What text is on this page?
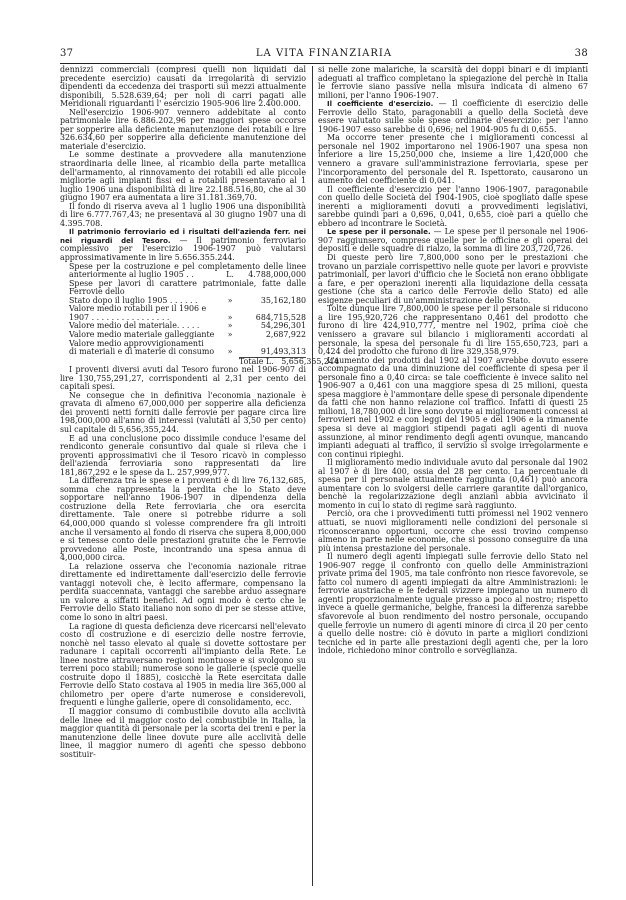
37	LA VITA FINANZIARIA	38

dennizzi commerciali (compresi quelli non liquidati dal precedente esercizio) causati da irregolarità di servizio dipendenti da eccedenza dei trasporti sui mezzi attualmente disponibili, 5.528.639,64; per noli di carri pagati alle Meridionali riguardanti l' esercizio 1905-906 lire 2.400.000.

Nell'esercizio 1906-907 vennero addebitate al conto patrimoniale lire 6.886.202,96 per maggiori spese occorse per sopperire alla deficiente manutenzione dei rotabili e lire 326.634,60 per sopperire alla deficiente manutenzione del materiale d'esercizio.

Le somme destinate a provvedere alla manutenzione straordinaria delle linee, al ricambio della parte metallica dell'armamento, al rinnovamento dei rotabili ed alle piccole migliorie agli impianti fissi ed a rotabili presentavano al 1 luglio 1906 una disponibilità di lire 22.188.516,80, che al 30 giugno 1907 era aumentata a lire 31.181.369,70.

Il fondo di riserva aveva al 1 luglio 1906 una disponibilità di lire 6.777.767,43; ne presentava al 30 giugno 1907 una di 4.395.708.

Il patrimonio ferroviario ed i risultati dell'azienda ferr. nei nei riguardi del Tesoro. — Il patrimonio ferroviario complessivo per l'esercizio 1906-1907 può valutarsi approssimativamente in lire 5.656.355.244.

Spese per la costruzione e pel completamento delle linee anteriormente al luglio 1905 . .	L.	4.788,000,000
Spese per lavori di carattere patrimoniale, fatte dalle Ferrovie dello
Stato dopo il luglio 1905 . . . . . .	»	35,162,180
Valore medio rotabili per il 1906 e
1907 . . . . . . . . . . . . . . . .	»	684,715,528
Valore medio del materiale. . . . .	»	54,296,301
Valore medio materiale galleggiante	»	2,687,922
Valore medio approvvigionamenti
di materiali e di materie di consumo	»	91,493,313
Totale L.   5,656,355,244

I proventi diversi avuti dal Tesoro furono nel 1906-907 di lire 130,755,291,27, corrispondenti al 2,31 per cento dei capitali spesi.

Ne consegue che in definitiva l'economia nazionale è gravata di almeno 67,000,000 per sopperire alla deficienza dei proventi netti forniti dalle ferrovie per pagare circa lire 198,000,000 all'anno di interessi (valutati al 3,50 per cento) sul capitale di 5,656,355,244.

E ad una conclusione poco dissimile conduce l'esame del rendiconto generale consuntivo dal quale si rileva che i proventi approssimativi che il Tesoro ricavò in complesso dell'azienda ferroviaria sono rappresentati da lire 181,867,292 e le spese da L. 257,999,977.

La differenza tra le spese e i proventi è di lire 76,132,685, somma che rappresenta la perdita che lo Stato deve sopportare nell'anno 1906-1907 in dipendenza della costruzione della Rete ferroviaria che ora esercita direttamente. Tale onere si potrebbe ridurre a soli 64,000,000 quando si volesse comprendere fra gli introiti anche il versamento al fondo di riserva che supera 8,000,000 e si tenesse conto delle prestazioni gratuite che le Ferrovie provvedono alle Poste, incontrando una spesa annua di 4,000,000 circa.

La relazione osserva che l'economia nazionale ritrae direttamente ed indirettamente dall'esercizio delle ferrovie vantaggi notevoli che, è lecito affermare, compensano la perdita suaccennata, vantaggi che sarebbe arduo assegnare un valore a siffatti benefici. Ad ogni modo è certo che le Ferrovie dello Stato italiano non sono di per se stesse attive, come lo sono in altri paesi.

La ragione di questa deficienza deve ricercarsi nell'elevato costo di costruzione e di esercizio delle nostre ferrovie, nonchè nel tasso elevato al quale si dovette sottostare per radunare i capitali occorrenti all'impianto della Rete. Le linee nostre attraversano regioni montuose e si svolgono su terreni poco stabili; numerose sono le gallerie (specie quelle costruite dopo il 1885), cosicchè la Rete esercitata dalle Ferrovie dello Stato costava al 1905 in media lire 365,000 al chilometro per opere d'arte numerose e considerevoli, frequenti e lunghe gallerie, opere di consolidamento, ecc.

Il maggior consumo di combustibile dovuto alla acclività delle linee ed il maggior costo del combustibile in Italia, la maggior quantità di personale per la scorta dei treni e per la manutenzione delle linee dovute pure alle acclività delle linee, il maggior numero di agenti che spesso debbono sostituir-

si nelle zone malariche, la scarsità dei doppi binari e di impianti adeguati al traffico completano la spiegazione del perchè in Italia le ferrovie siano passive nella misura indicata di almeno 67 milioni, per l'anno 1906-1907.

Il coefficiente d'esercizio. — Il coefficiente di esercizio delle Ferrovie dello Stato, paragonabili a quello della Società deve essere valutato sulle sole spese ordinarie d'esercizio: per l'anno 1906-1907 esso sarebbe di 0,696; nel 1904-905 fu di 0,655.

Ma occorre tener presente che i miglioramenti concessi al personale nel 1902 importarono nel 1906-1907 una spesa non inferiore a lire 15,250,000 che, insieme a lire 1,420,000 che vennero a gravare sull'amministrazione ferroviaria, spese per l'incorporamento del personale del R. Ispettorato, causarono un aumento del coefficiente di 0,041.

Il coefficiente d'esercizio per l'anno 1906-1907, paragonabile con quello delle Società del 1904-1905, cioè spogliato dalle spese inerenti a miglioramenti dovuti a provvedimenti legislativi, sarebbe quindi pari a 0,696, 0,041, 0,655, cioè pari a quello che ebbero ad incontrare le Società.

Le spese per il personale. — Le spese per il personale nel 1906-907 raggiunsero, comprese quelle per le officine e gli operai dei depositi e delle squadre di rialzo, la somma di lire 203,720,726.

Di queste però lire 7,800,000 sono per le prestazioni che trovano un parziale corrispettivo nelle quote per lavori e provviste patrimoniali, per lavori d'ufficio che le Società non erano obbligate a fare, e per operazioni inerenti alla liquidazione della cessata gestione (che sta a carico delle Ferrovie dello Stato) ed alle esigenze peculiari di un'amministrazione dello Stato.

Tolte dunque lire 7,800,000 le spese per il personale si riducono a lire 195,920,726 che rappresentano 0,461 del prodotto che furono di lire 424,910,777, mentre nel 1902, prima cioè che venissero a gravare sul bilancio i miglioramenti accordati al personale, la spesa del personale fu di lire 155,650,723, pari a 0,424 del prodotto che furono di lire 329,358,979.

L'aumento dei prodotti dal 1902 al 1907 avrebbe dovuto essere accompagnato da una diminuzione del coefficiente di spesa per il personale fino a 0,40 circa: se tale coefficiente è invece salito nel 1906-907 a 0,461 con una maggiore spesa di 25 milioni, questa spesa maggiore è l'ammontare delle spese di personale dipendente da fatti che non hanno relazione col traffico. Infatti di questi 25 milioni, 18,780,000 di lire sono dovute ai miglioramenti concessi ai ferrovieri nel 1902 e con leggi del 1905 e del 1906 e la rimanente spesa si deve ai maggiori stipendi pagati agli agenti di nuova assunzione, al minor rendimento degli agenti ovunque, mancando impianti adeguati al traffico, il servizio si svolge irregolarmente e con continui ripieghi.

Il miglioramento medio individuale avuto dal personale dal 1902 al 1907 è di lire 400, ossia del 28 per cento. La percentuale di spesa per il personale attualmente raggiunta (0,461) può ancora aumentare con lo svolgersi delle carriere garantite dall'organico, benchè la regolarizzazione degli anziani abbia avvicinato il momento in cui lo stato di regime sarà raggiunto.

Perciò, ora che i provvedimenti tutti promessi nel 1902 vennero attuati, se nuovi miglioramenti nelle condizioni del personale si riconosceranno opportuni, occorre che essi trovino compenso almeno in parte nelle economie, che si possono conseguire da una più intensa prestazione del personale.

Il numero degli agenti impiegati sulle ferrovie dello Stato nel 1906-907 regge il confronto con quello delle Amministrazioni private prima del 1905, ma tale confronto non riesce favorevole, se fatto col numero di agenti impiegati da altre Amministrazioni: le ferrovie austriache e le federali svizzere impiegano un numero di agenti proporzionalmente uguale presso a poco al nostro; rispetto invece a quelle germaniche, belghe, francesi la differenza sarebbe sfavorevole al buon rendimento del nostro personale, occupando quelle ferrovie un numero di agenti minore di circa il 20 per cento a quello delle nostre: ciò è dovuto in parte a migliori condizioni tecniche ed in parte alle prestazioni degli agenti che, per la loro indole, richiedono minor controllo e sorveglianza.
